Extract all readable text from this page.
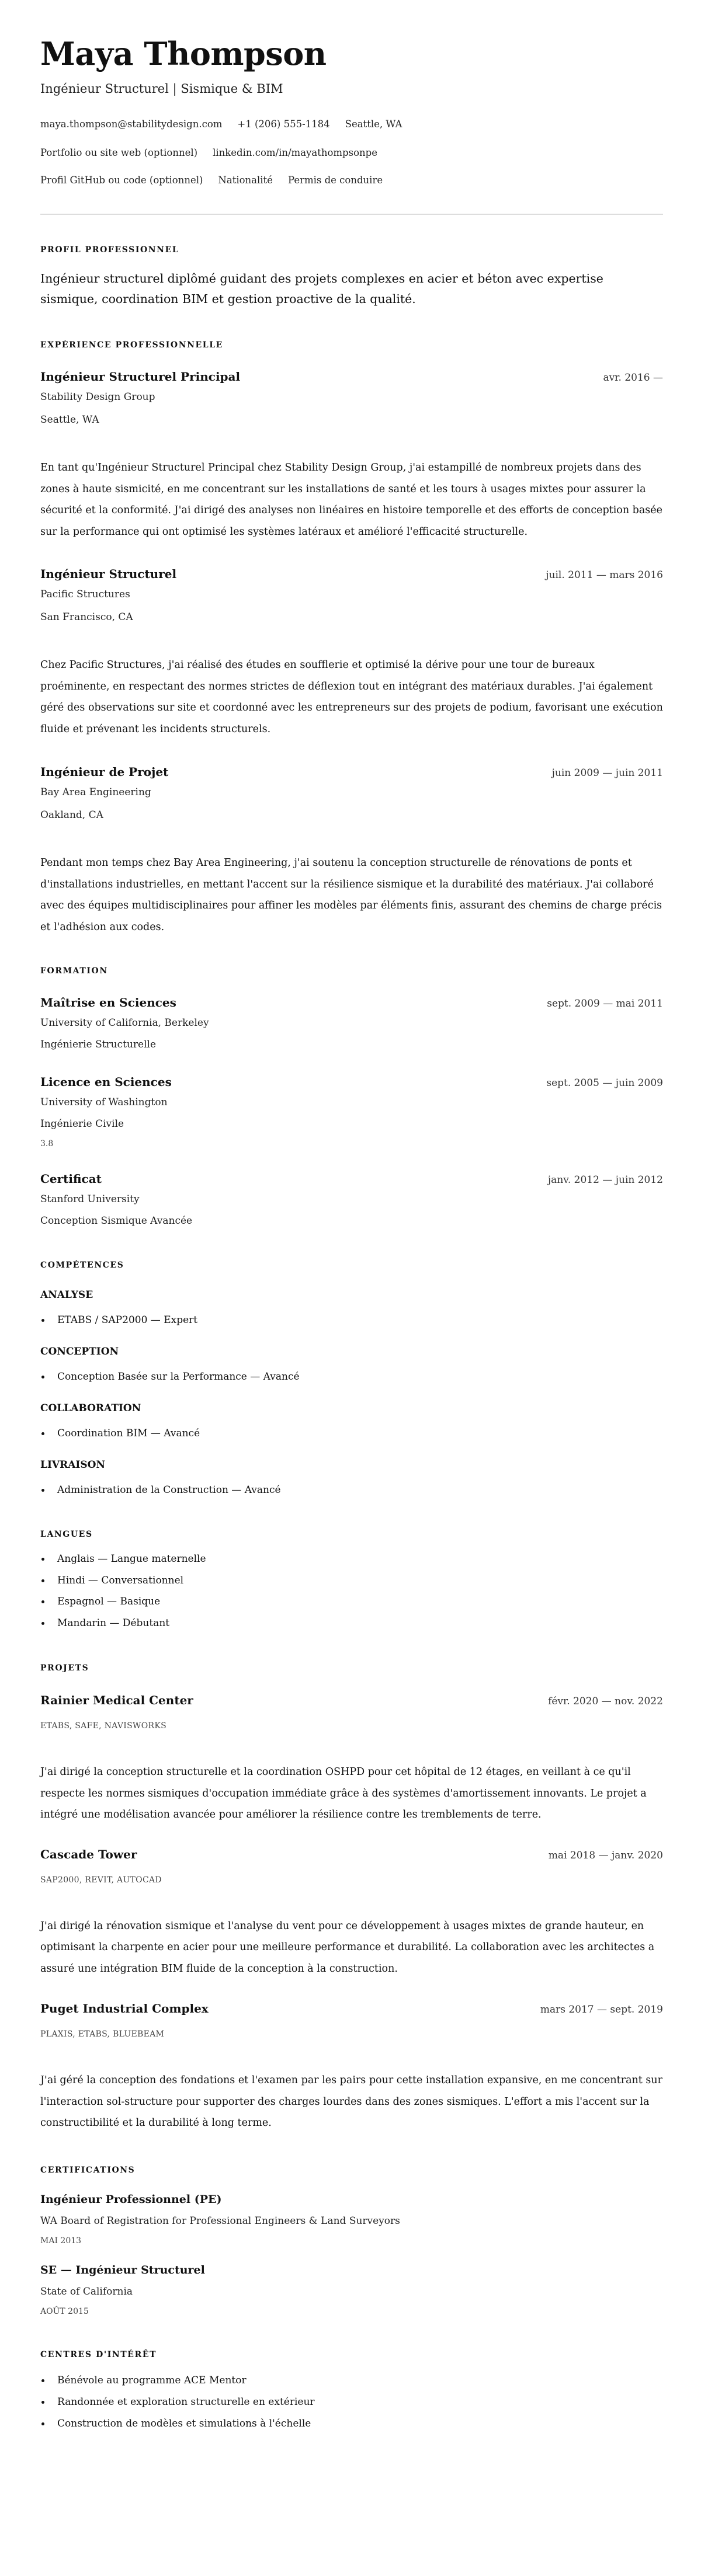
Maya Thompson
Ingénieur Structurel | Sismique & BIM
maya.thompson@stabilitydesign.com +1 (206) 555-1184 Seattle, WA
Portfolio ou site web (optionnel) linkedin.com/in/mayathompsonpe
Profil GitHub ou code (optionnel) Nationalité Permis de conduire
PROFIL PROFESSIONNEL
Ingénieur structurel diplômé guidant des projets complexes en acier et béton avec expertise sismique, coordination BIM et gestion proactive de la qualité.
EXPÉRIENCE PROFESSIONNELLE
Ingénieur Structurel Principal	avr. 2016 —
Stability Design Group
Seattle, WA
En tant qu'Ingénieur Structurel Principal chez Stability Design Group, j'ai estampillé de nombreux projets dans des zones à haute sismicité, en me concentrant sur les installations de santé et les tours à usages mixtes pour assurer la sécurité et la conformité. J'ai dirigé des analyses non linéaires en histoire temporelle et des efforts de conception basée sur la performance qui ont optimisé les systèmes latéraux et amélioré l'efficacité structurelle.
Ingénieur Structurel	juil. 2011 — mars 2016
Pacific Structures
San Francisco, CA
Chez Pacific Structures, j'ai réalisé des études en soufflerie et optimisé la dérive pour une tour de bureaux proéminente, en respectant des normes strictes de déflexion tout en intégrant des matériaux durables. J'ai également géré des observations sur site et coordonné avec les entrepreneurs sur des projets de podium, favorisant une exécution fluide et prévenant les incidents structurels.
Ingénieur de Projet	juin 2009 — juin 2011
Bay Area Engineering
Oakland, CA
Pendant mon temps chez Bay Area Engineering, j'ai soutenu la conception structurelle de rénovations de ponts et d'installations industrielles, en mettant l'accent sur la résilience sismique et la durabilité des matériaux. J'ai collaboré avec des équipes multidisciplinaires pour affiner les modèles par éléments finis, assurant des chemins de charge précis et l'adhésion aux codes.
FORMATION
Maîtrise en Sciences	sept. 2009 — mai 2011
University of California, Berkeley
Ingénierie Structurelle
Licence en Sciences	sept. 2005 — juin 2009
University of Washington
Ingénierie Civile
3.8
Certificat	janv. 2012 — juin 2012
Stanford University
Conception Sismique Avancée
COMPÉTENCES
ANALYSE
ETABS / SAP2000 — Expert
CONCEPTION
Conception Basée sur la Performance — Avancé
COLLABORATION
Coordination BIM — Avancé
LIVRAISON
Administration de la Construction — Avancé
LANGUES
Anglais — Langue maternelle
Hindi — Conversationnel
Espagnol — Basique
Mandarin — Débutant
PROJETS
Rainier Medical Center	févr. 2020 — nov. 2022
ETABS, SAFE, NAVISWORKS
J'ai dirigé la conception structurelle et la coordination OSHPD pour cet hôpital de 12 étages, en veillant à ce qu'il respecte les normes sismiques d'occupation immédiate grâce à des systèmes d'amortissement innovants. Le projet a intégré une modélisation avancée pour améliorer la résilience contre les tremblements de terre.
Cascade Tower	mai 2018 — janv. 2020
SAP2000, REVIT, AUTOCAD
J'ai dirigé la rénovation sismique et l'analyse du vent pour ce développement à usages mixtes de grande hauteur, en optimisant la charpente en acier pour une meilleure performance et durabilité. La collaboration avec les architectes a assuré une intégration BIM fluide de la conception à la construction.
Puget Industrial Complex	mars 2017 — sept. 2019
PLAXIS, ETABS, BLUEBEAM
J'ai géré la conception des fondations et l'examen par les pairs pour cette installation expansive, en me concentrant sur l'interaction sol-structure pour supporter des charges lourdes dans des zones sismiques. L'effort a mis l'accent sur la constructibilité et la durabilité à long terme.
CERTIFICATIONS
Ingénieur Professionnel (PE)
WA Board of Registration for Professional Engineers & Land Surveyors
MAI 2013
SE — Ingénieur Structurel
State of California
AOÛT 2015
CENTRES D'INTÉRÊT
Bénévole au programme ACE Mentor
Randonnée et exploration structurelle en extérieur
Construction de modèles et simulations à l'échelle
